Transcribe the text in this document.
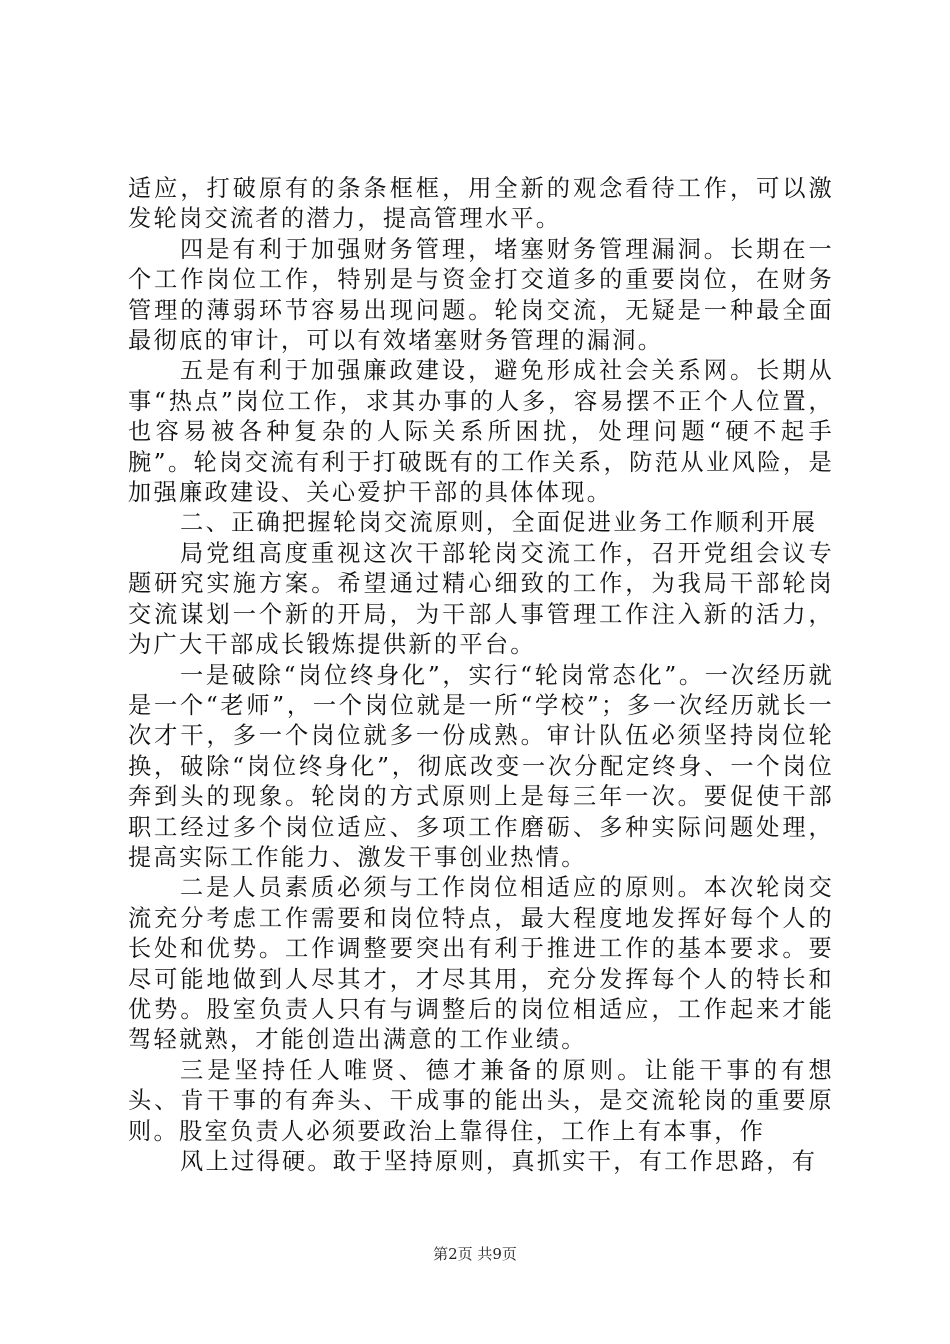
适应，打破原有的条条框框，用全新的观念看待工作，可以激发轮岗交流者的潜力，提高管理水平。

四是有利于加强财务管理，堵塞财务管理漏洞。长期在一个工作岗位工作，特别是与资金打交道多的重要岗位，在财务管理的薄弱环节容易出现问题。轮岗交流，无疑是一种最全面最彻底的审计，可以有效堵塞财务管理的漏洞。

五是有利于加强廉政建设，避免形成社会关系网。长期从事“热点”岗位工作，求其办事的人多，容易摆不正个人位置，也容易被各种复杂的人际关系所困扰，处理问题“硬不起手腕”。轮岗交流有利于打破既有的工作关系，防范从业风险，是加强廉政建设、关心爱护干部的具体体现。

二、正确把握轮岗交流原则，全面促进业务工作顺利开展

局党组高度重视这次干部轮岗交流工作，召开党组会议专题研究实施方案。希望通过精心细致的工作，为我局干部轮岗交流谋划一个新的开局，为干部人事管理工作注入新的活力，为广大干部成长锻炼提供新的平台。

一是破除“岗位终身化”，实行“轮岗常态化”。一次经历就是一个“老师”，一个岗位就是一所“学校”；多一次经历就长一次才干，多一个岗位就多一份成熟。审计队伍必须坚持岗位轮换，破除“岗位终身化”，彻底改变一次分配定终身、一个岗位奔到头的现象。轮岗的方式原则上是每三年一次。要促使干部职工经过多个岗位适应、多项工作磨砺、多种实际问题处理，提高实际工作能力、激发干事创业热情。

二是人员素质必须与工作岗位相适应的原则。本次轮岗交流充分考虑工作需要和岗位特点，最大程度地发挥好每个人的长处和优势。工作调整要突出有利于推进工作的基本要求。要尽可能地做到人尽其才，才尽其用，充分发挥每个人的特长和优势。股室负责人只有与调整后的岗位相适应，工作起来才能驾轻就熟，才能创造出满意的工作业绩。

三是坚持任人唯贤、德才兼备的原则。让能干事的有想头、肯干事的有奔头、干成事的能出头，是交流轮岗的重要原则。股室负责人必须要政治上靠得住，工作上有本事，作

风上过得硬。敢于坚持原则，真抓实干，有工作思路，有

第2页 共9页
